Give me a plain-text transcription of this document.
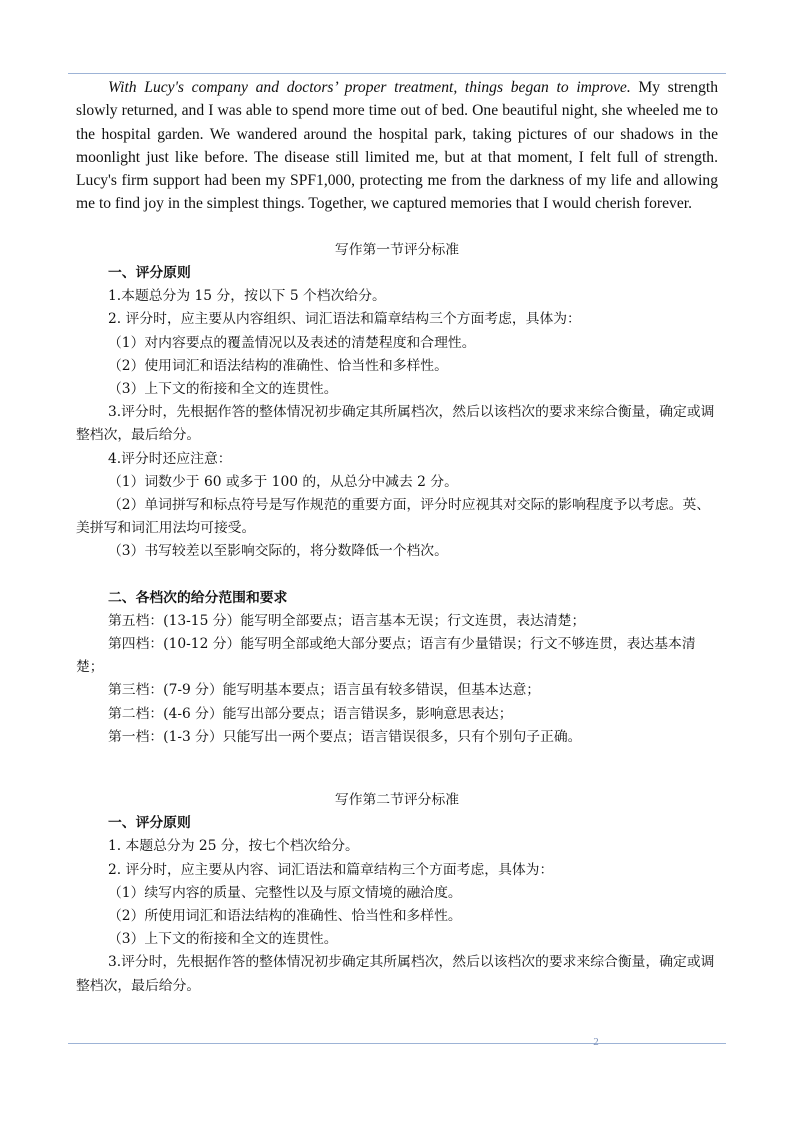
With Lucy's company and doctors’ proper treatment, things began to improve. My strength slowly returned, and I was able to spend more time out of bed. One beautiful night, she wheeled me to the hospital garden. We wandered around the hospital park, taking pictures of our shadows in the moonlight just like before. The disease still limited me, but at that moment, I felt full of strength. Lucy's firm support had been my SPF1,000, protecting me from the darkness of my life and allowing me to find joy in the simplest things. Together, we captured memories that I would cherish forever.

写作第一节评分标准

一、评分原则

1.本题总分为 15 分，按以下 5 个档次给分。

2. 评分时，应主要从内容组织、词汇语法和篇章结构三个方面考虑，具体为：

（1）对内容要点的覆盖情况以及表述的清楚程度和合理性。

（2）使用词汇和语法结构的准确性、恰当性和多样性。

（3）上下文的衔接和全文的连贯性。

3.评分时，先根据作答的整体情况初步确定其所属档次，然后以该档次的要求来综合衡量，确定或调整档次，最后给分。

4.评分时还应注意：

（1）词数少于 60 或多于 100 的，从总分中减去 2 分。

（2）单词拼写和标点符号是写作规范的重要方面，评分时应视其对交际的影响程度予以考虑。英、美拼写和词汇用法均可接受。

（3）书写较差以至影响交际的，将分数降低一个档次。

二、各档次的给分范围和要求

第五档：(13-15 分）能写明全部要点；语言基本无误；行文连贯，表达清楚；

第四档：(10-12 分）能写明全部或绝大部分要点；语言有少量错误；行文不够连贯，表达基本清楚；

第三档：(7-9 分）能写明基本要点；语言虽有较多错误，但基本达意；

第二档：(4-6 分）能写出部分要点；语言错误多，影响意思表达；

第一档：(1-3 分）只能写出一两个要点；语言错误很多，只有个别句子正确。

写作第二节评分标准

一、评分原则

1. 本题总分为 25 分，按七个档次给分。

2. 评分时，应主要从内容、词汇语法和篇章结构三个方面考虑，具体为：

（1）续写内容的质量、完整性以及与原文情境的融洽度。

（2）所使用词汇和语法结构的准确性、恰当性和多样性。

（3）上下文的衔接和全文的连贯性。

3.评分时，先根据作答的整体情况初步确定其所属档次，然后以该档次的要求来综合衡量，确定或调整档次，最后给分。

2
